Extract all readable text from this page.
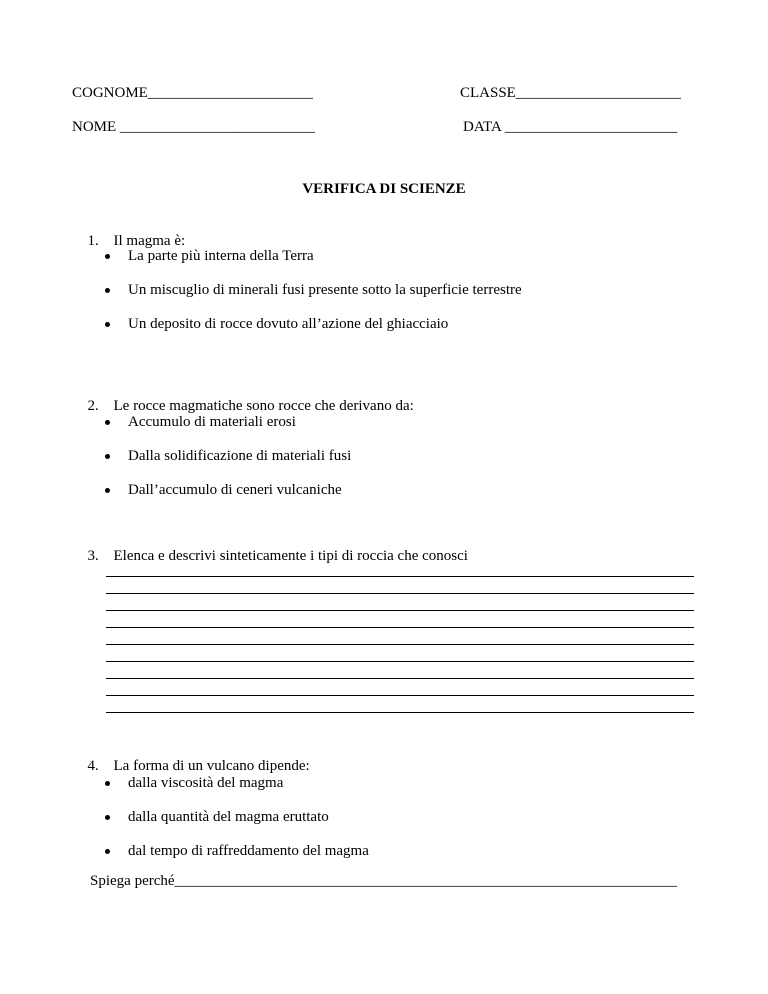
COGNOME______________________	CLASSE______________________
NOME __________________________	DATA _______________________
VERIFICA DI SCIENZE

1. Il magma è:

La parte più interna della Terra
Un miscuglio di minerali fusi presente sotto la superficie terrestre
Un deposito di rocce dovuto all’azione del ghiacciaio

2. Le rocce magmatiche sono rocce che derivano da:

Accumulo di materiali erosi
Dalla solidificazione di materiali fusi
Dall’accumulo di ceneri vulcaniche

3. Elenca e descrivi sinteticamente i tipi di roccia che conosci

4. La forma di un vulcano dipende:

dalla viscosità del magma
dalla quantità del magma eruttato
dal tempo di raffreddamento del magma
Spiega perché___________________________________________________________________
